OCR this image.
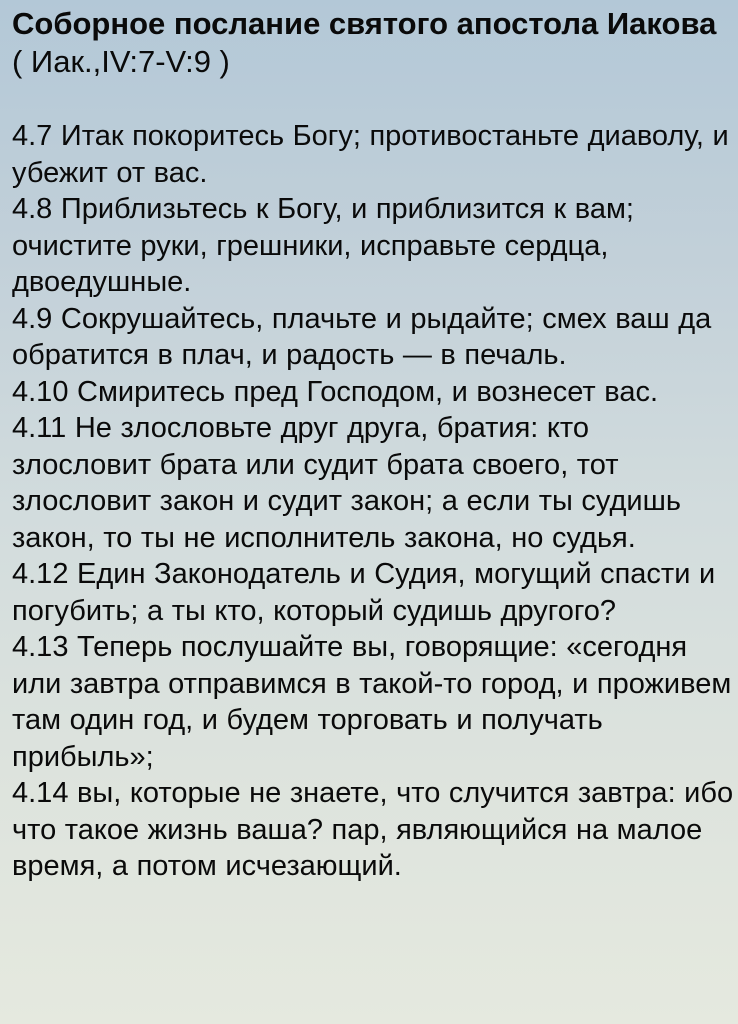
Соборное послание святого апостола Иакова
( Иак.,IV:7-V:9 )

4.7 Итак покоритесь Богу; противостаньте диаволу, и убежит от вас.

4.8 Приблизьтесь к Богу, и приблизится к вам; очистите руки, грешники, исправьте сердца, двоедушные.

4.9 Сокрушайтесь, плачьте и рыдайте; смех ваш да обратится в плач, и радость — в печаль.

4.10 Смиритесь пред Господом, и вознесет вас.

4.11 Не злословьте друг друга, братия: кто злословит брата или судит брата своего, тот злословит закон и судит закон; а если ты судишь закон, то ты не исполнитель закона, но судья.

4.12 Един Законодатель и Судия, могущий спасти и погубить; а ты кто, который судишь другого?

4.13 Теперь послушайте вы, говорящие: «сегодня или завтра отправимся в такой-то город, и проживем там один год, и будем торговать и получать прибыль»;

4.14 вы, которые не знаете, что случится завтра: ибо что такое жизнь ваша? пар, являющийся на малое время, а потом исчезающий.
